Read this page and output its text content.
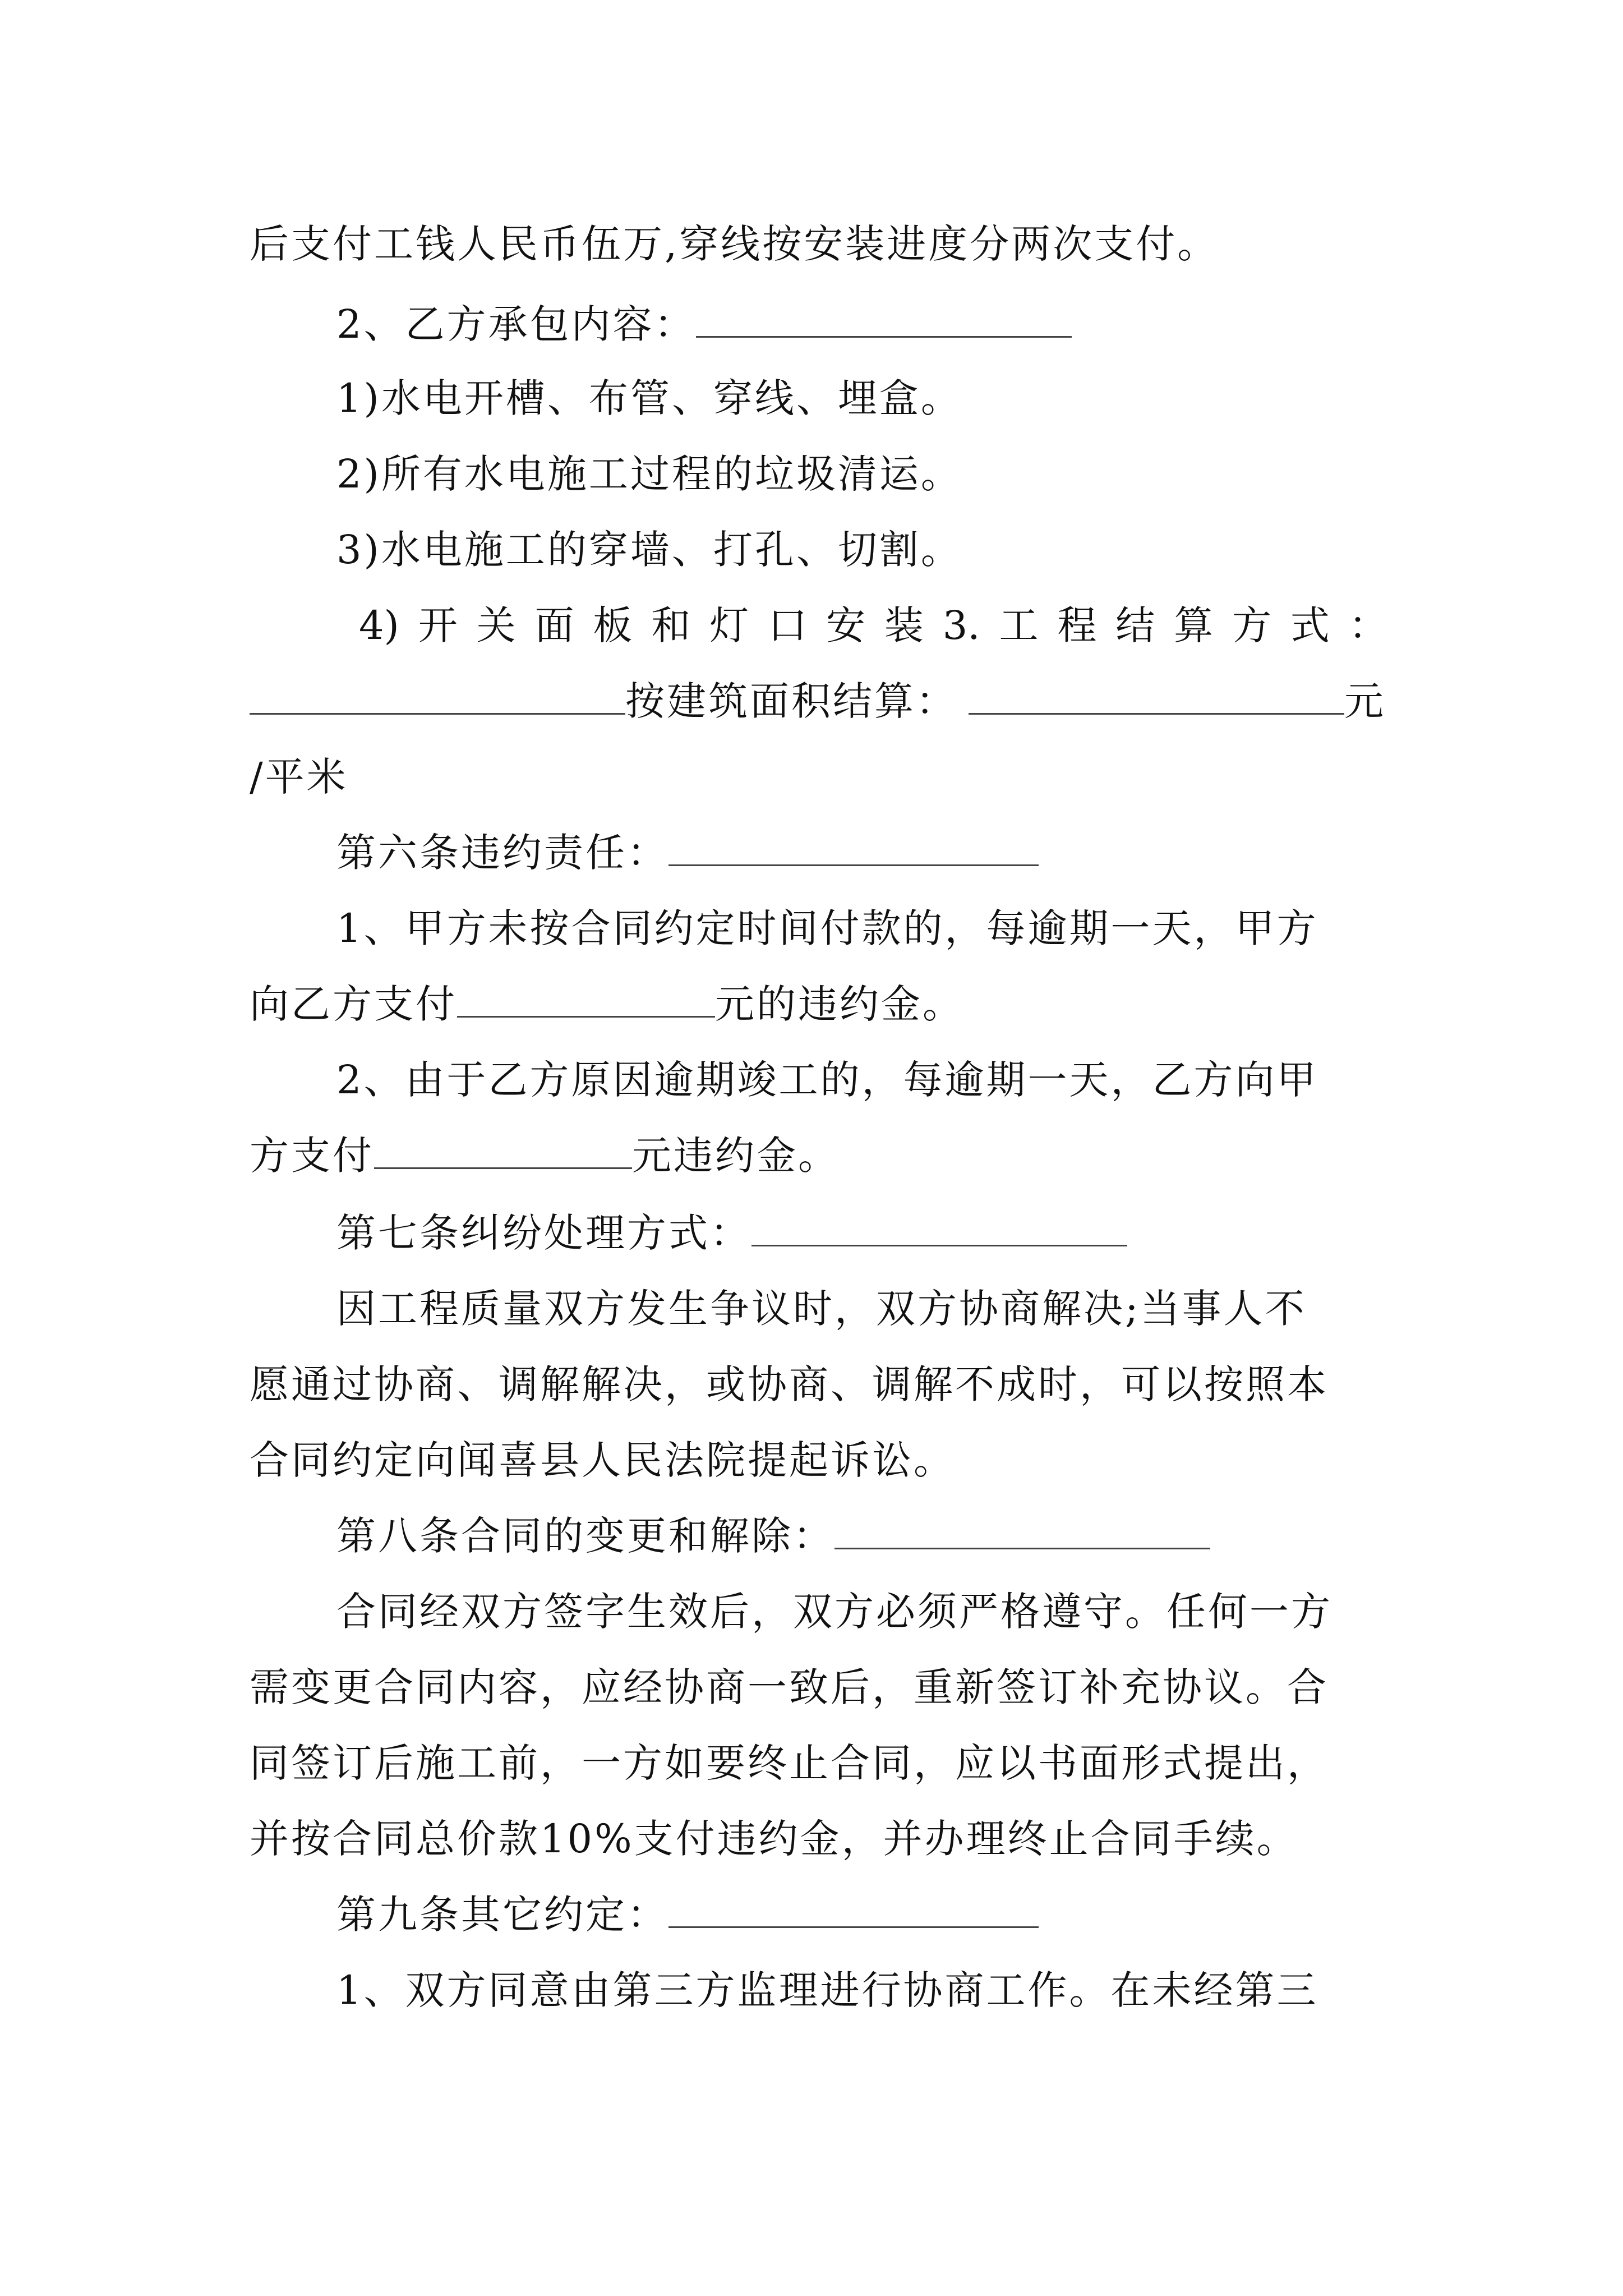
后支付工钱人民币伍万,穿线按安装进度分两次支付。
2、乙方承包内容：
1)水电开槽、布管、穿线、埋盒。
2)所有水电施工过程的垃圾清运。
3)水电施工的穿墙、打孔、切割。
4) 开 关 面 板 和 灯 口 安 装 3. 工 程 结 算 方 式 ：
按建筑面积结算：	元
/平米
第六条违约责任：
1、甲方未按合同约定时间付款的，每逾期一天，甲方
向乙方支付	元的违约金。
2、由于乙方原因逾期竣工的，每逾期一天，乙方向甲
方支付	元违约金。
第七条纠纷处理方式：
因工程质量双方发生争议时，双方协商解决;当事人不
愿通过协商、调解解决，或协商、调解不成时，可以按照本
合同约定向闻喜县人民法院提起诉讼。
第八条合同的变更和解除：
合同经双方签字生效后，双方必须严格遵守。任何一方
需变更合同内容，应经协商一致后，重新签订补充协议。合
同签订后施工前，一方如要终止合同，应以书面形式提出，
并按合同总价款10%支付违约金，并办理终止合同手续。
第九条其它约定：
1、双方同意由第三方监理进行协商工作。在未经第三
